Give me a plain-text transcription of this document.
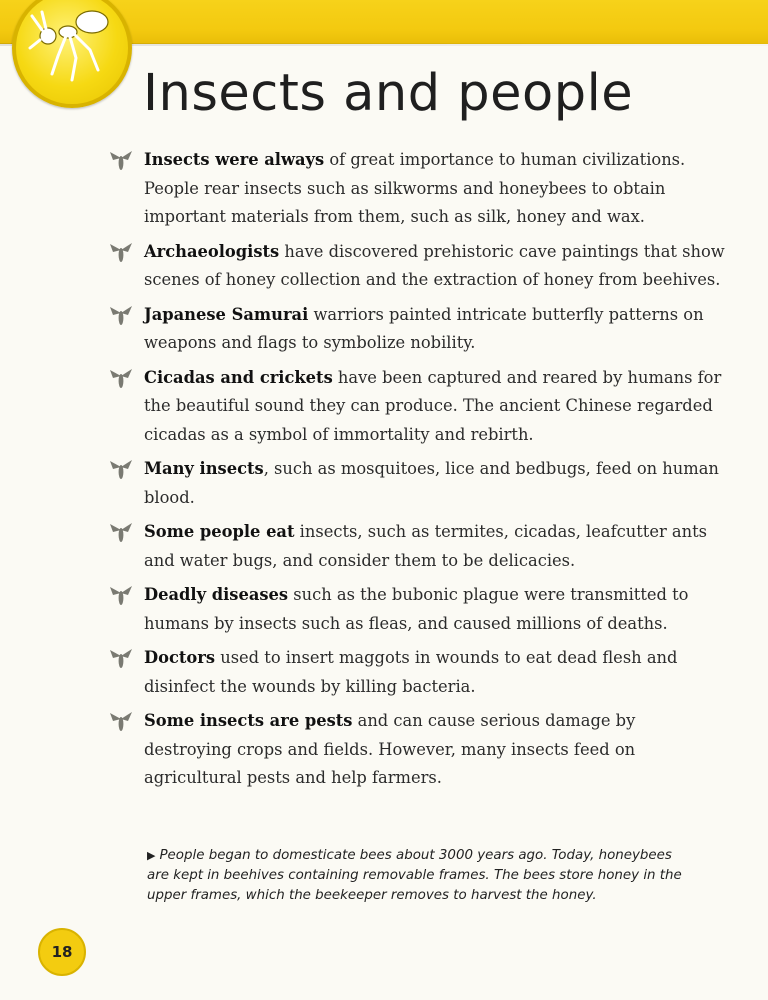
Insects and people
Insects were always of great importance to human civilizations. People rear insects such as silkworms and honeybees to obtain important materials from them, such as silk, honey and wax.
Archaeologists have discovered prehistoric cave paintings that show scenes of honey collection and the extraction of honey from beehives.
Japanese Samurai warriors painted intricate butterfly patterns on weapons and flags to symbolize nobility.
Cicadas and crickets have been captured and reared by humans for the beautiful sound they can produce. The ancient Chinese regarded cicadas as a symbol of immortality and rebirth.
Many insects, such as mosquitoes, lice and bedbugs, feed on human blood.
Some people eat insects, such as termites, cicadas, leafcutter ants and water bugs, and consider them to be delicacies.
Deadly diseases such as the bubonic plague were transmitted to humans by insects such as fleas, and caused millions of deaths.
Doctors used to insert maggots in wounds to eat dead flesh and disinfect the wounds by killing bacteria.
Some insects are pests and can cause serious damage by destroying crops and fields. However, many insects feed on agricultural pests and help farmers.
▶ People began to domesticate bees about 3000 years ago. Today, honeybees are kept in beehives containing removable frames. The bees store honey in the upper frames, which the beekeeper removes to harvest the honey.
18
